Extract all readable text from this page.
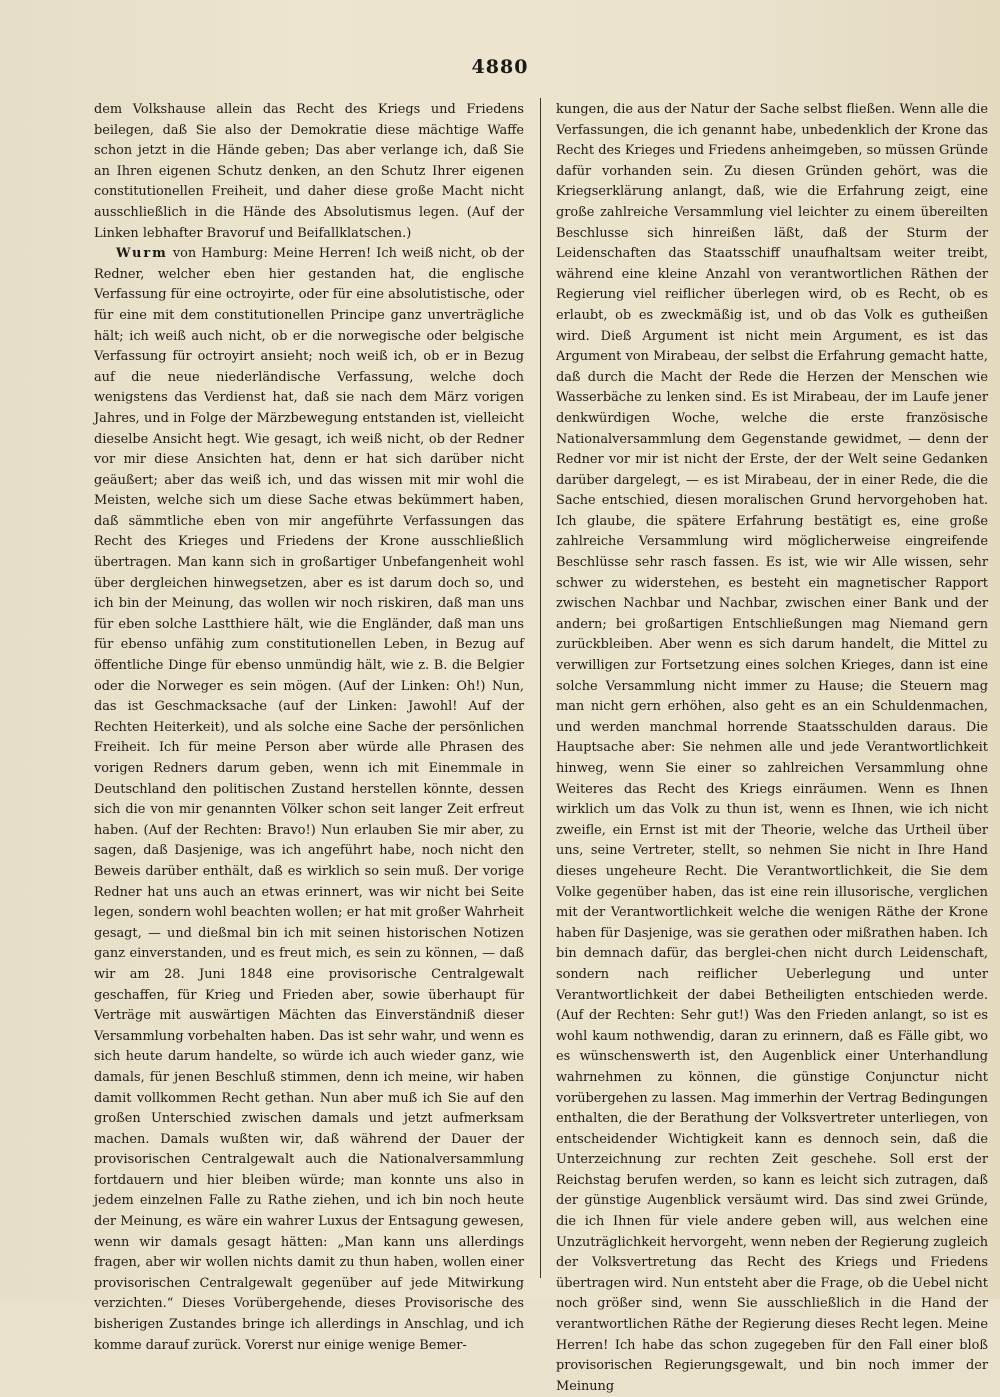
4880

dem Volkshause allein das Recht des Kriegs und Friedens beilegen, daß Sie also der Demokratie diese mächtige Waffe schon jetzt in die Hände geben; Das aber verlange ich, daß Sie an Ihren eigenen Schutz denken, an den Schutz Ihrer eigenen constitutionellen Freiheit, und daher diese große Macht nicht ausschließlich in die Hände des Absolutismus legen. (Auf der Linken lebhafter Bravoruf und Beifallklatschen.)

Wurm von Hamburg: Meine Herren! Ich weiß nicht, ob der Redner, welcher eben hier gestanden hat, die englische Verfassung für eine octroyirte, oder für eine absolutistische, oder für eine mit dem constitutionellen Principe ganz unverträgliche hält; ich weiß auch nicht, ob er die norwegische oder belgische Verfassung für octroyirt ansieht; noch weiß ich, ob er in Bezug auf die neue niederländische Verfassung, welche doch wenigstens das Verdienst hat, daß sie nach dem März vorigen Jahres, und in Folge der Märzbewegung entstanden ist, vielleicht dieselbe Ansicht hegt. Wie gesagt, ich weiß nicht, ob der Redner vor mir diese Ansichten hat, denn er hat sich darüber nicht geäußert; aber das weiß ich, und das wissen mit mir wohl die Meisten, welche sich um diese Sache etwas bekümmert haben, daß sämmtliche eben von mir angeführte Verfassungen das Recht des Krieges und Friedens der Krone ausschließlich übertragen. Man kann sich in großartiger Unbefangenheit wohl über dergleichen hinwegsetzen, aber es ist darum doch so, und ich bin der Meinung, das wollen wir noch riskiren, daß man uns für eben solche Lastthiere hält, wie die Engländer, daß man uns für ebenso unfähig zum constitutionellen Leben, in Bezug auf öffentliche Dinge für ebenso unmündig hält, wie z. B. die Belgier oder die Norweger es sein mögen. (Auf der Linken: Oh!) Nun, das ist Geschmacksache (auf der Linken: Jawohl! Auf der Rechten Heiterkeit), und als solche eine Sache der persönlichen Freiheit. Ich für meine Person aber würde alle Phrasen des vorigen Redners darum geben, wenn ich mit Einemmale in Deutschland den politischen Zustand herstellen könnte, dessen sich die von mir genannten Völker schon seit langer Zeit erfreut haben. (Auf der Rechten: Bravo!) Nun erlauben Sie mir aber, zu sagen, daß Dasjenige, was ich angeführt habe, noch nicht den Beweis darüber enthält, daß es wirklich so sein muß. Der vorige Redner hat uns auch an etwas erinnert, was wir nicht bei Seite legen, sondern wohl beachten wollen; er hat mit großer Wahrheit gesagt, — und dießmal bin ich mit seinen historischen Notizen ganz einverstanden, und es freut mich, es sein zu können, — daß wir am 28. Juni 1848 eine provisorische Centralgewalt geschaffen, für Krieg und Frieden aber, sowie überhaupt für Verträge mit auswärtigen Mächten das Einverständniß dieser Versammlung vorbehalten haben. Das ist sehr wahr, und wenn es sich heute darum handelte, so würde ich auch wieder ganz, wie damals, für jenen Beschluß stimmen, denn ich meine, wir haben damit vollkommen Recht gethan. Nun aber muß ich Sie auf den großen Unterschied zwischen damals und jetzt aufmerksam machen. Damals wußten wir, daß während der Dauer der provisorischen Centralgewalt auch die Nationalversammlung fortdauern und hier bleiben würde; man konnte uns also in jedem einzelnen Falle zu Rathe ziehen, und ich bin noch heute der Meinung, es wäre ein wahrer Luxus der Entsagung gewesen, wenn wir damals gesagt hätten: „Man kann uns allerdings fragen, aber wir wollen nichts damit zu thun haben, wollen einer provisorischen Centralgewalt gegenüber auf jede Mitwirkung verzichten.“ Dieses Vorübergehende, dieses Provisorische des bisherigen Zustandes bringe ich allerdings in Anschlag, und ich komme darauf zurück. Vorerst nur einige wenige Bemer-

kungen, die aus der Natur der Sache selbst fließen. Wenn alle die Verfassungen, die ich genannt habe, unbedenklich der Krone das Recht des Krieges und Friedens anheimgeben, so müssen Gründe dafür vorhanden sein. Zu diesen Gründen gehört, was die Kriegserklärung anlangt, daß, wie die Erfahrung zeigt, eine große zahlreiche Versammlung viel leichter zu einem übereilten Beschlusse sich hinreißen läßt, daß der Sturm der Leidenschaften das Staatsschiff unaufhaltsam weiter treibt, während eine kleine Anzahl von verantwortlichen Räthen der Regierung viel reiflicher überlegen wird, ob es Recht, ob es erlaubt, ob es zweckmäßig ist, und ob das Volk es gutheißen wird. Dieß Argument ist nicht mein Argument, es ist das Argument von Mirabeau, der selbst die Erfahrung gemacht hatte, daß durch die Macht der Rede die Herzen der Menschen wie Wasserbäche zu lenken sind. Es ist Mirabeau, der im Laufe jener denkwürdigen Woche, welche die erste französische Nationalversammlung dem Gegenstande gewidmet, — denn der Redner vor mir ist nicht der Erste, der der Welt seine Gedanken darüber dargelegt, — es ist Mirabeau, der in einer Rede, die die Sache entschied, diesen moralischen Grund hervorgehoben hat. Ich glaube, die spätere Erfahrung bestätigt es, eine große zahlreiche Versammlung wird möglicherweise eingreifende Beschlüsse sehr rasch fassen. Es ist, wie wir Alle wissen, sehr schwer zu widerstehen, es besteht ein magnetischer Rapport zwischen Nachbar und Nachbar, zwischen einer Bank und der andern; bei großartigen Entschließungen mag Niemand gern zurückbleiben. Aber wenn es sich darum handelt, die Mittel zu verwilligen zur Fortsetzung eines solchen Krieges, dann ist eine solche Versammlung nicht immer zu Hause; die Steuern mag man nicht gern erhöhen, also geht es an ein Schuldenmachen, und werden manchmal horrende Staatsschulden daraus. Die Hauptsache aber: Sie nehmen alle und jede Verantwortlichkeit hinweg, wenn Sie einer so zahlreichen Versammlung ohne Weiteres das Recht des Kriegs einräumen. Wenn es Ihnen wirklich um das Volk zu thun ist, wenn es Ihnen, wie ich nicht zweifle, ein Ernst ist mit der Theorie, welche das Urtheil über uns, seine Vertreter, stellt, so nehmen Sie nicht in Ihre Hand dieses ungeheure Recht. Die Verantwortlichkeit, die Sie dem Volke gegenüber haben, das ist eine rein illusorische, verglichen mit der Verantwortlichkeit welche die wenigen Räthe der Krone haben für Dasjenige, was sie gerathen oder mißrathen haben. Ich bin demnach dafür, das berglei-chen nicht durch Leidenschaft, sondern nach reiflicher Ueberlegung und unter Verantwortlichkeit der dabei Betheiligten entschieden werde. (Auf der Rechten: Sehr gut!) Was den Frieden anlangt, so ist es wohl kaum nothwendig, daran zu erinnern, daß es Fälle gibt, wo es wünschenswerth ist, den Augenblick einer Unterhandlung wahrnehmen zu können, die günstige Conjunctur nicht vorübergehen zu lassen. Mag immerhin der Vertrag Bedingungen enthalten, die der Berathung der Volksvertreter unterliegen, von entscheidender Wichtigkeit kann es dennoch sein, daß die Unterzeichnung zur rechten Zeit geschehe. Soll erst der Reichstag berufen werden, so kann es leicht sich zutragen, daß der günstige Augenblick versäumt wird. Das sind zwei Gründe, die ich Ihnen für viele andere geben will, aus welchen eine Unzuträglichkeit hervorgeht, wenn neben der Regierung zugleich der Volksvertretung das Recht des Kriegs und Friedens übertragen wird. Nun entsteht aber die Frage, ob die Uebel nicht noch größer sind, wenn Sie ausschließlich in die Hand der verantwortlichen Räthe der Regierung dieses Recht legen. Meine Herren! Ich habe das schon zugegeben für den Fall einer bloß provisorischen Regierungsgewalt, und bin noch immer der Meinung
